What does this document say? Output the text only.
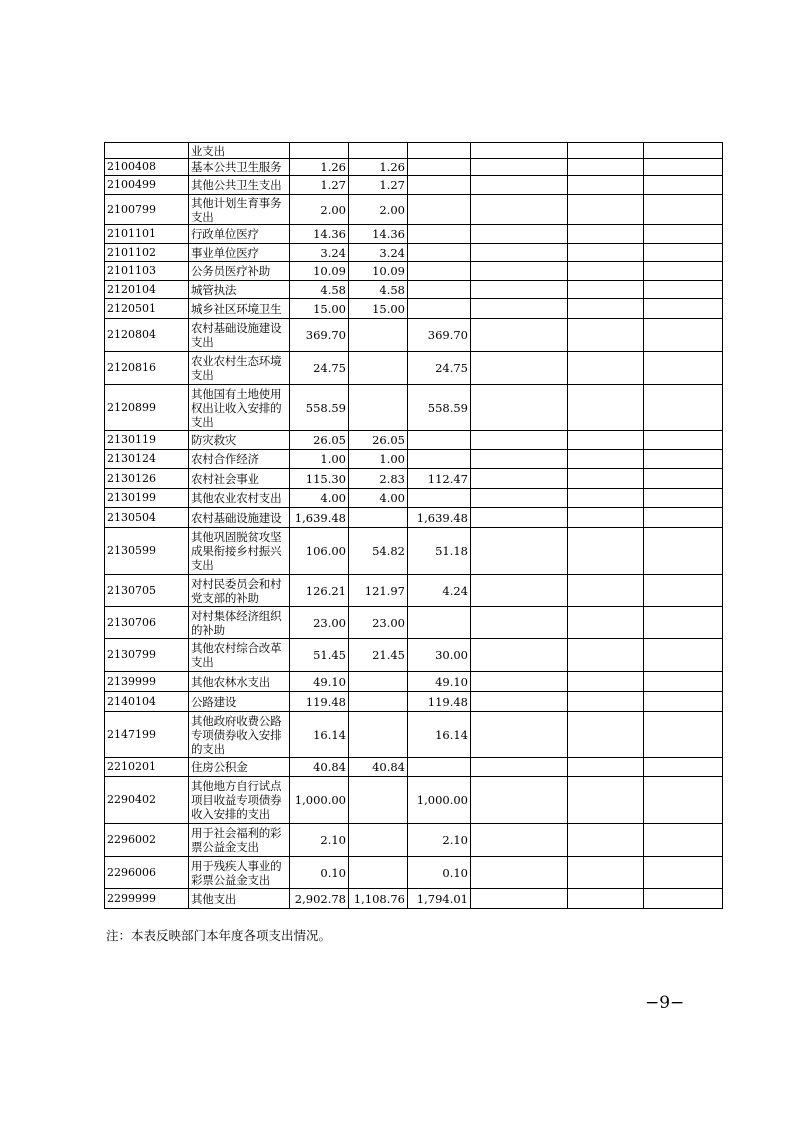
	业支出						
2100408	基本公共卫生服务	1.26	1.26				
2100499	其他公共卫生支出	1.27	1.27				
2100799	其他计划生育事务支出	2.00	2.00				
2101101	行政单位医疗	14.36	14.36				
2101102	事业单位医疗	3.24	3.24				
2101103	公务员医疗补助	10.09	10.09				
2120104	城管执法	4.58	4.58				
2120501	城乡社区环境卫生	15.00	15.00				
2120804	农村基础设施建设支出	369.70		369.70			
2120816	农业农村生态环境支出	24.75		24.75			
2120899	其他国有土地使用权出让收入安排的支出	558.59		558.59			
2130119	防灾救灾	26.05	26.05				
2130124	农村合作经济	1.00	1.00				
2130126	农村社会事业	115.30	2.83	112.47			
2130199	其他农业农村支出	4.00	4.00				
2130504	农村基础设施建设	1,639.48		1,639.48			
2130599	其他巩固脱贫攻坚成果衔接乡村振兴支出	106.00	54.82	51.18			
2130705	对村民委员会和村党支部的补助	126.21	121.97	4.24			
2130706	对村集体经济组织的补助	23.00	23.00				
2130799	其他农村综合改革支出	51.45	21.45	30.00			
2139999	其他农林水支出	49.10		49.10			
2140104	公路建设	119.48		119.48			
2147199	其他政府收费公路专项债券收入安排的支出	16.14		16.14			
2210201	住房公积金	40.84	40.84				
2290402	其他地方自行试点项目收益专项债券收入安排的支出	1,000.00		1,000.00			
2296002	用于社会福利的彩票公益金支出	2.10		2.10			
2296006	用于残疾人事业的彩票公益金支出	0.10		0.10			
2299999	其他支出	2,902.78	1,108.76	1,794.01			
注：本表反映部门本年度各项支出情况。
−9−
